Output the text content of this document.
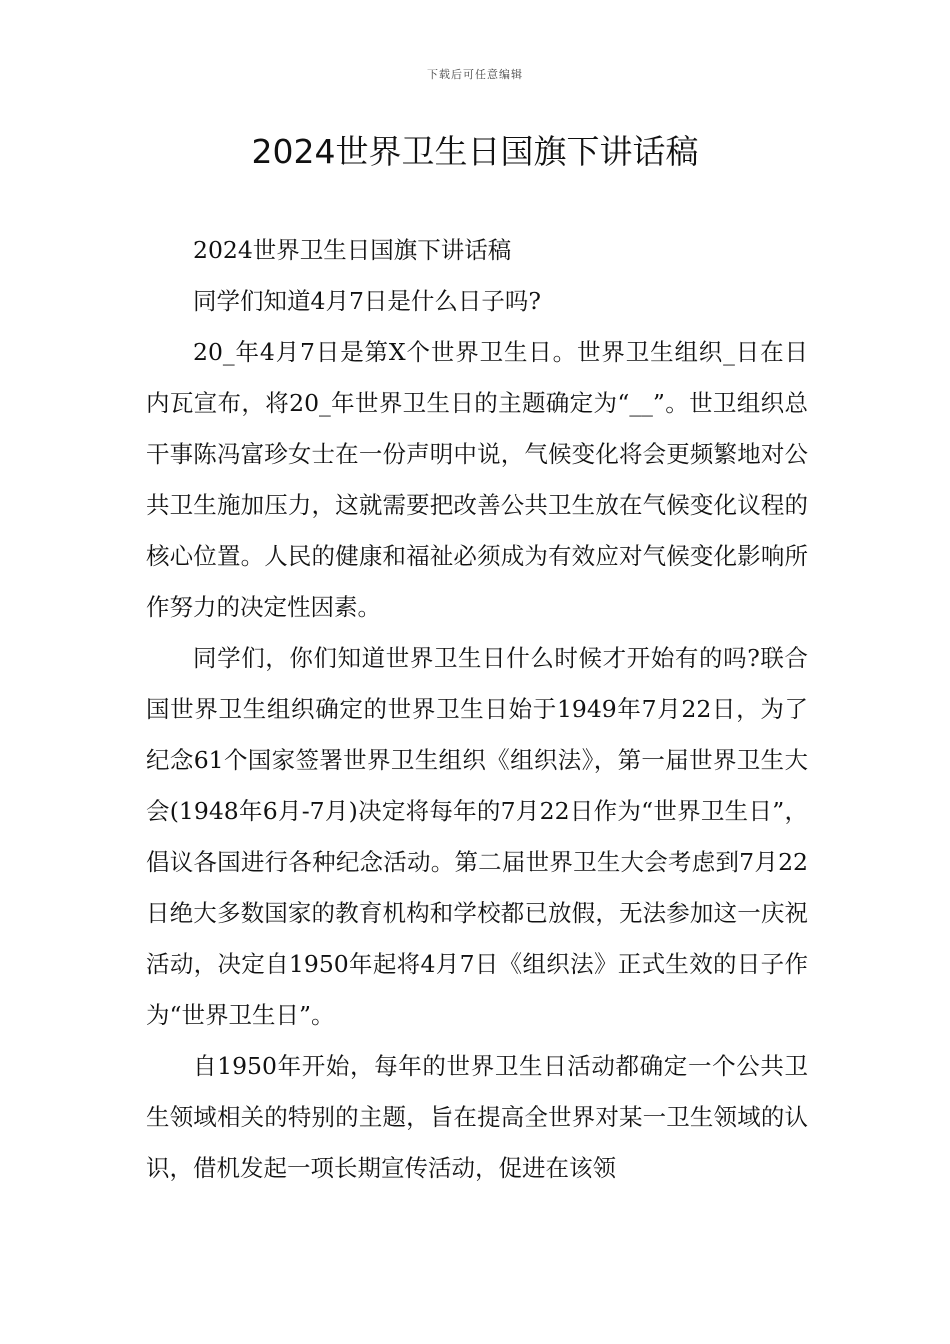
下载后可任意编辑
2024世界卫生日国旗下讲话稿

2024世界卫生日国旗下讲话稿

同学们知道4月7日是什么日子吗?

20_年4月7日是第X个世界卫生日。世界卫生组织_日在日内瓦宣布，将20_年世界卫生日的主题确定为“__”。世卫组织总干事陈冯富珍女士在一份声明中说，气候变化将会更频繁地对公共卫生施加压力，这就需要把改善公共卫生放在气候变化议程的核心位置。人民的健康和福祉必须成为有效应对气候变化影响所作努力的决定性因素。

同学们，你们知道世界卫生日什么时候才开始有的吗?联合国世界卫生组织确定的世界卫生日始于1949年7月22日，为了纪念61个国家签署世界卫生组织《组织法》，第一届世界卫生大会(1948年6月-7月)决定将每年的7月22日作为“世界卫生日”，倡议各国进行各种纪念活动。第二届世界卫生大会考虑到7月22日绝大多数国家的教育机构和学校都已放假，无法参加这一庆祝活动，决定自1950年起将4月7日《组织法》正式生效的日子作为“世界卫生日”。

自1950年开始，每年的世界卫生日活动都确定一个公共卫生领域相关的特别的主题，旨在提高全世界对某一卫生领域的认识，借机发起一项长期宣传活动，促进在该领
